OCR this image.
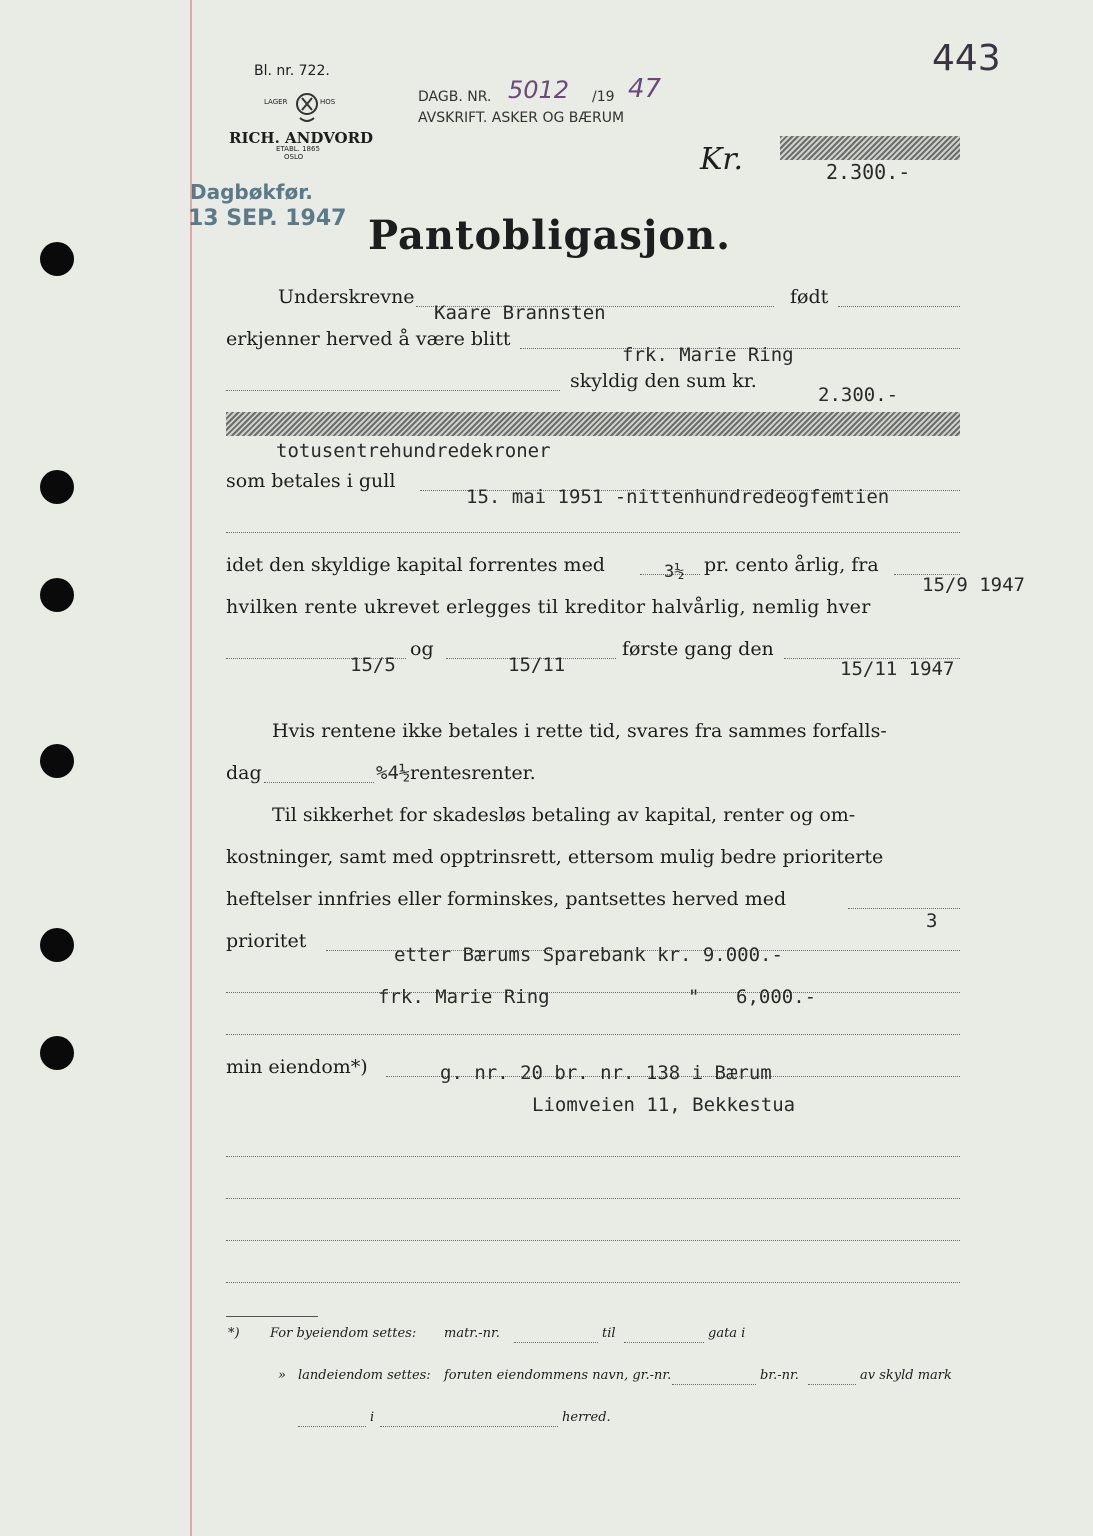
443
Bl. nr. 722.
LAGER	HOS
RICH. ANDVORD
ETABL. 1865
OSLO
Dagbøkfør.
13 SEP. 1947
DAGB. NR. 5012 /19 47
AVSKRIFT. ASKER OG BÆRUM
Kr.	2.300.-
Pantobligasjon.
Underskrevne
Kaare Brannsten
født
erkjenner herved å være blitt
frk. Marie Ring
skyldig den sum kr.
2.300.-
totusentrehundredekroner
som betales i gull
15. mai 1951 -nittenhundredeogfemtien
idet den skyldige kapital forrentes med	3½ pr. cento årlig, fra
15/9 1947
hvilken rente ukrevet erlegges til kreditor halvårlig, nemlig hver
15/5
og
15/11
første gang den
15/11 1947
Hvis rentene ikke betales i rette tid, svares fra sammes forfalls-
dag	%4½ rentesrenter.
Til sikkerhet for skadesløs betaling av kapital, renter og om-
kostninger, samt med opptrinsrett, ettersom mulig bedre prioriterte
heftelser innfries eller forminskes, pantsettes herved med
3
prioritet
etter Bærums Sparebank kr. 9.000.-
frk. Marie Ring	" 6,000.-
min eiendom*)	g. nr. 20 br. nr. 138 i Bærum
Liomveien 11, Bekkestua
*) For byeiendom settes: matr.-nr.	til	gata i
» landeiendom settes: foruten eiendommens navn, gr.-nr.	br.-nr.	av skyld mark
i	herred.
